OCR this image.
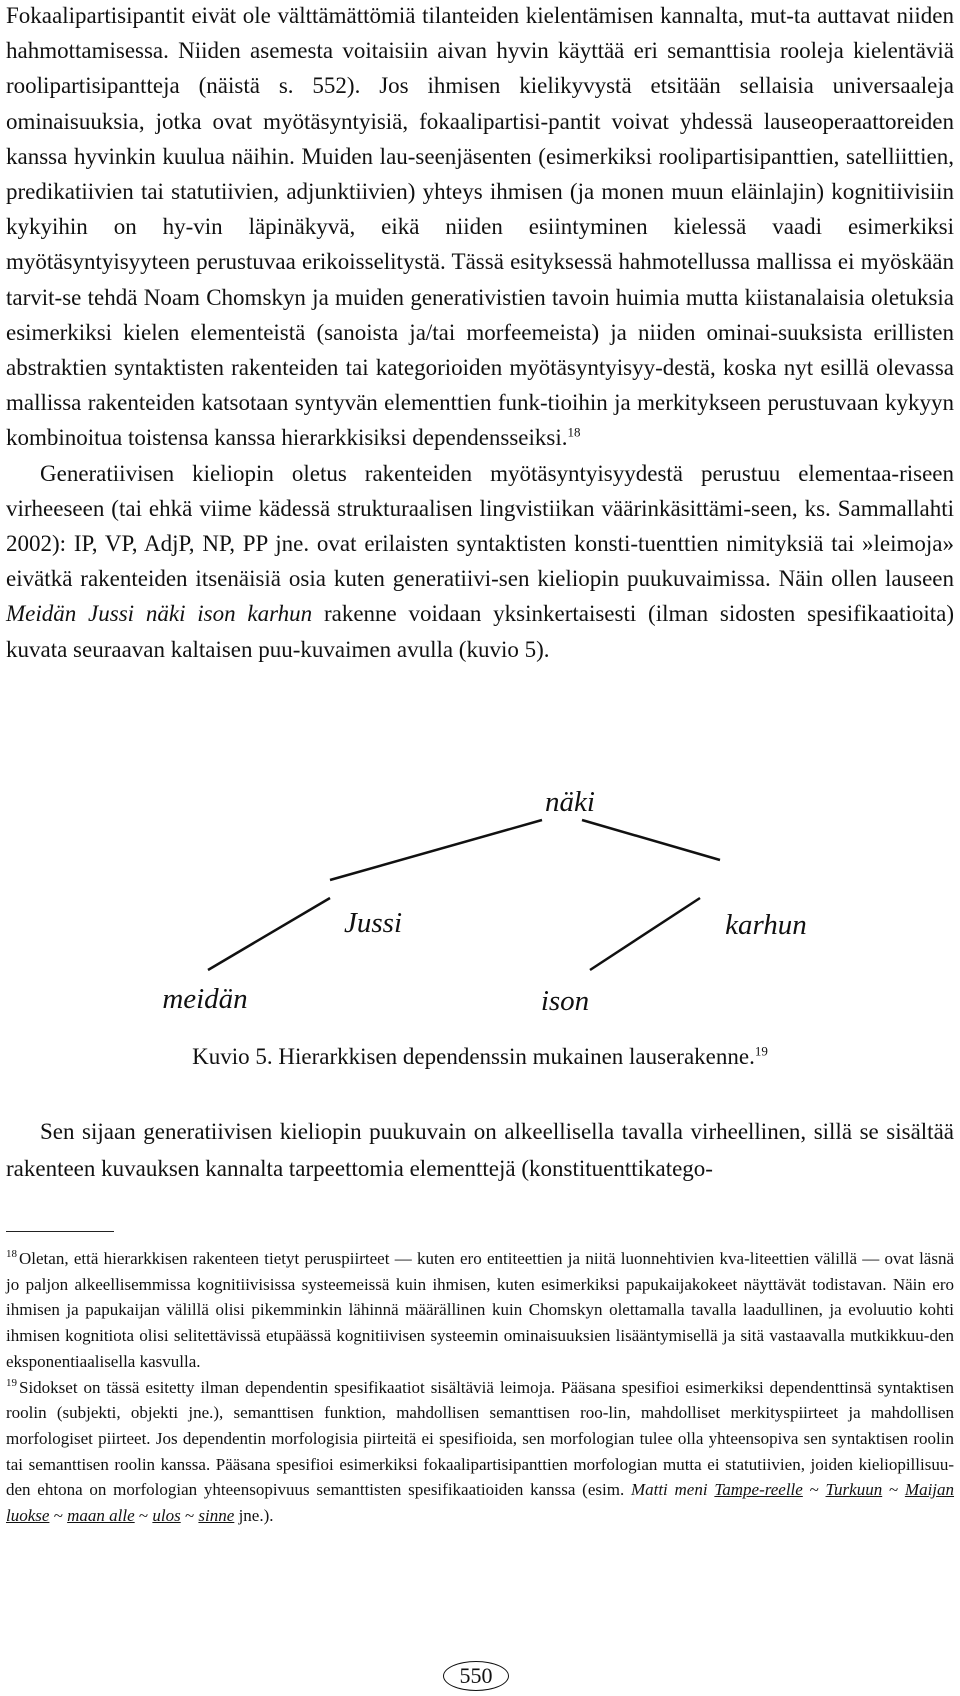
Fokaalipartisipantit eivät ole välttämättömiä tilanteiden kielentämisen kannalta, mut-ta auttavat niiden hahmottamisessa. Niiden asemesta voitaisiin aivan hyvin käyttää eri semanttisia rooleja kielentäviä roolipartisipantteja (näistä s. 552). Jos ihmisen kielikyvystä etsitään sellaisia universaaleja ominaisuuksia, jotka ovat myötäsyntyisiä, fokaalipartisi-pantit voivat yhdessä lauseoperaattoreiden kanssa hyvinkin kuulua näihin. Muiden lau-seenjäsenten (esimerkiksi roolipartisipanttien, satelliittien, predikatiivien tai statutiivien, adjunktiivien) yhteys ihmisen (ja monen muun eläinlajin) kognitiivisiin kykyihin on hy-vin läpinäkyvä, eikä niiden esiintyminen kielessä vaadi esimerkiksi myötäsyntyisyyteen perustuvaa erikoisselitystä. Tässä esityksessä hahmotellussa mallissa ei myöskään tarvit-se tehdä Noam Chomskyn ja muiden generativistien tavoin huimia mutta kiistanalaisia oletuksia esimerkiksi kielen elementeistä (sanoista ja/tai morfeemeista) ja niiden ominai-suuksista erillisten abstraktien syntaktisten rakenteiden tai kategorioiden myötäsyntyisyy-destä, koska nyt esillä olevassa mallissa rakenteiden katsotaan syntyvän elementtien funk-tioihin ja merkitykseen perustuvaan kykyyn kombinoitua toistensa kanssa hierarkkisiksi dependensseiksi.$^{18}$

Generatiivisen kieliopin oletus rakenteiden myötäsyntyisyydestä perustuu elementaa-riseen virheeseen (tai ehkä viime kädessä strukturaalisen lingvistiikan väärinkäsittämi-seen, ks. Sammallahti 2002): IP, VP, AdjP, NP, PP jne. ovat erilaisten syntaktisten konsti-tuenttien nimityksiä tai »leimoja» eivätkä rakenteiden itsenäisiä osia kuten generatiivi-sen kieliopin puukuvaimissa. Näin ollen lauseen Meidän Jussi näki ison karhun rakenne voidaan yksinkertaisesti (ilman sidosten spesifikaatioita) kuvata seuraavan kaltaisen puu-kuvaimen avulla (kuvio 5).

näki
Jussi	karhun
meidän	ison
Kuvio 5. Hierarkkisen dependenssin mukainen lauserakenne.$^{19}$

Sen sijaan generatiivisen kieliopin puukuvain on alkeellisella tavalla virheellinen, sillä se sisältää rakenteen kuvauksen kannalta tarpeettomia elementtejä (konstituenttikatego-

$^{18}$ Oletan, että hierarkkisen rakenteen tietyt peruspiirteet — kuten ero entiteettien ja niitä luonnehtivien kva-liteettien välillä — ovat läsnä jo paljon alkeellisemmissa kognitiivisissa systeemeissä kuin ihmisen, kuten esimerkiksi papukaijakokeet näyttävät todistavan. Näin ero ihmisen ja papukaijan välillä olisi pikemminkin lähinnä määrällinen kuin Chomskyn olettamalla tavalla laadullinen, ja evoluutio kohti ihmisen kognitiota olisi selitettävissä etupäässä kognitiivisen systeemin ominaisuuksien lisääntymisellä ja sitä vastaavalla mutkikkuu-den eksponentiaalisella kasvulla.

$^{19}$ Sidokset on tässä esitetty ilman dependentin spesifikaatiot sisältäviä leimoja. Pääsana spesifioi esimerkiksi dependenttinsä syntaktisen roolin (subjekti, objekti jne.), semanttisen funktion, mahdollisen semanttisen roo-lin, mahdolliset merkityspiirteet ja mahdollisen morfologiset piirteet. Jos dependentin morfologisia piirteitä ei spesifioida, sen morfologian tulee olla yhteensopiva sen syntaktisen roolin tai semanttisen roolin kanssa. Pääsana spesifioi esimerkiksi fokaalipartisipanttien morfologian mutta ei statutiivien, joiden kieliopillisuu-den ehtona on morfologian yhteensopivuus semanttisten spesifikaatioiden kanssa (esim. Matti meni Tampe-reelle ~ Turkuun ~ Maijan luokse ~ maan alle ~ ulos ~ sinne jne.).

550
